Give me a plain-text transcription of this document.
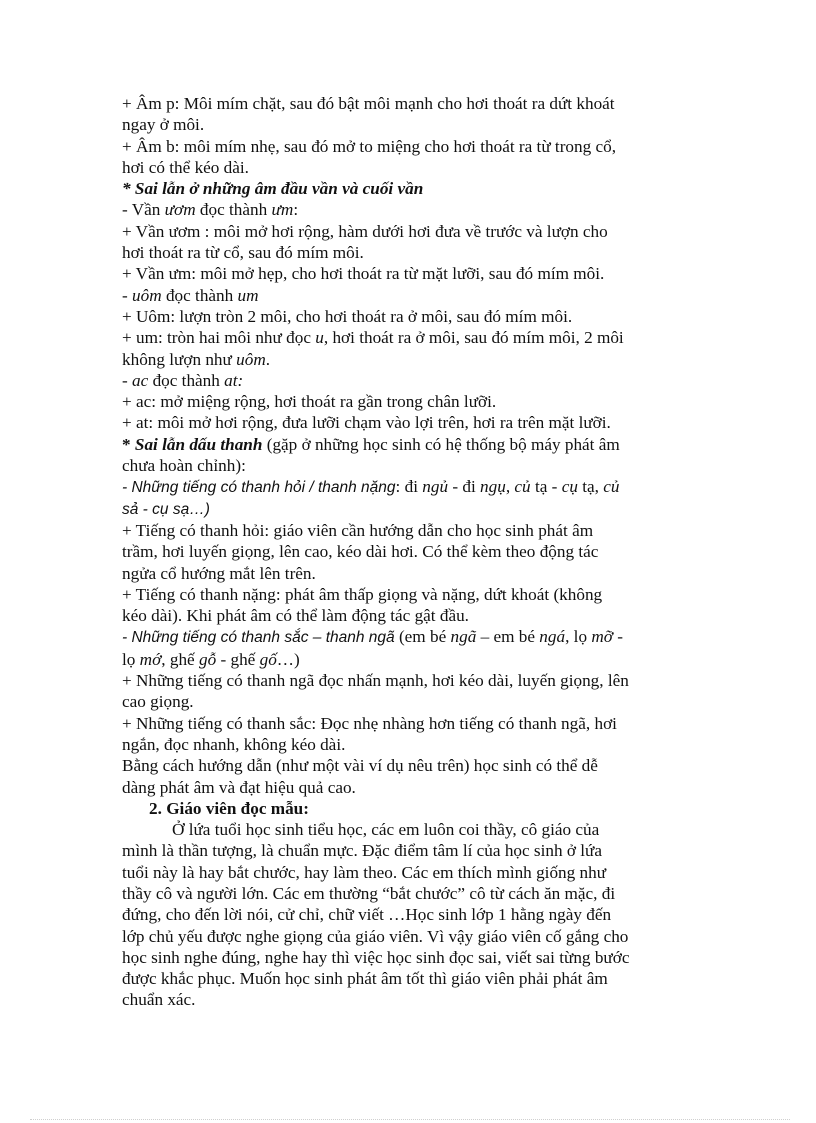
+ Âm p: Môi mím chặt, sau đó bật môi mạnh cho hơi thoát ra dứt khoát
ngay ở môi.
+ Âm b: môi mím nhẹ, sau đó mở to miệng cho hơi thoát ra từ trong cổ,
hơi có thể kéo dài.
* Sai lẫn ở những âm đầu vần và cuối vần
- Vần ươm đọc thành ưm:
+ Vần ươm : môi mở hơi rộng, hàm dưới hơi đưa về trước và lượn cho
hơi thoát ra từ cổ, sau đó mím môi.
+ Vần ưm: môi mở hẹp, cho hơi thoát ra từ mặt lưỡi, sau đó mím môi.
- uôm đọc thành um
+ Uôm: lượn tròn 2 môi, cho hơi thoát ra ở môi, sau đó mím môi.
+ um: tròn hai môi như đọc u, hơi thoát ra ở môi, sau đó mím môi, 2 môi
không lượn như uôm.
- ac đọc thành at:
+ ac: mở miệng rộng, hơi thoát ra gần trong chân lưỡi.
+ at: môi mở hơi rộng, đưa lưỡi chạm vào lợi trên, hơi ra trên mặt lưỡi.
* Sai lẫn dấu thanh (gặp ở những học sinh có hệ thống bộ máy phát âm
chưa hoàn chỉnh):
- Những tiếng có thanh hỏi / thanh nặng: đi ngủ - đi ngụ, củ tạ - cụ tạ, củ
sả - cụ sạ…)
+ Tiếng có thanh hỏi: giáo viên cần hướng dẫn cho học sinh phát âm
trầm, hơi luyến giọng, lên cao, kéo dài hơi. Có thể kèm theo động tác
ngửa cổ hướng mắt lên trên.
+ Tiếng có thanh nặng: phát âm thấp giọng và nặng, dứt khoát (không
kéo dài). Khi phát âm có thể làm động tác gật đầu.
- Những tiếng có thanh sắc – thanh ngã (em bé ngã – em bé ngá, lọ mỡ -
lọ mớ, ghế gỗ - ghế gố…)
+ Những tiếng có thanh ngã đọc nhấn mạnh, hơi kéo dài, luyến giọng, lên
cao giọng.
+ Những tiếng có thanh sắc: Đọc nhẹ nhàng hơn tiếng có thanh ngã, hơi
ngắn, đọc nhanh, không kéo dài.
Bằng cách hướng dẫn (như một vài ví dụ nêu trên) học sinh có thể dễ
dàng phát âm và đạt hiệu quả cao.
2. Giáo viên đọc mẫu:
Ở lứa tuổi học sinh tiểu học, các em luôn coi thầy, cô giáo của
mình là thần tượng, là chuẩn mực. Đặc điểm tâm lí của học sinh ở lứa
tuổi này là hay bắt chước, hay làm theo. Các em thích mình giống như
thầy cô và người lớn. Các em thường “bắt chước” cô từ cách ăn mặc, đi
đứng, cho đến lời nói, cử chỉ, chữ viết …Học sinh lớp 1 hằng ngày đến
lớp chủ yếu được nghe giọng của giáo viên. Vì vậy giáo viên cố gắng cho
học sinh nghe đúng, nghe hay thì việc học sinh đọc sai, viết sai từng bước
được khắc phục. Muốn học sinh phát âm tốt thì giáo viên phải phát âm
chuẩn xác.
